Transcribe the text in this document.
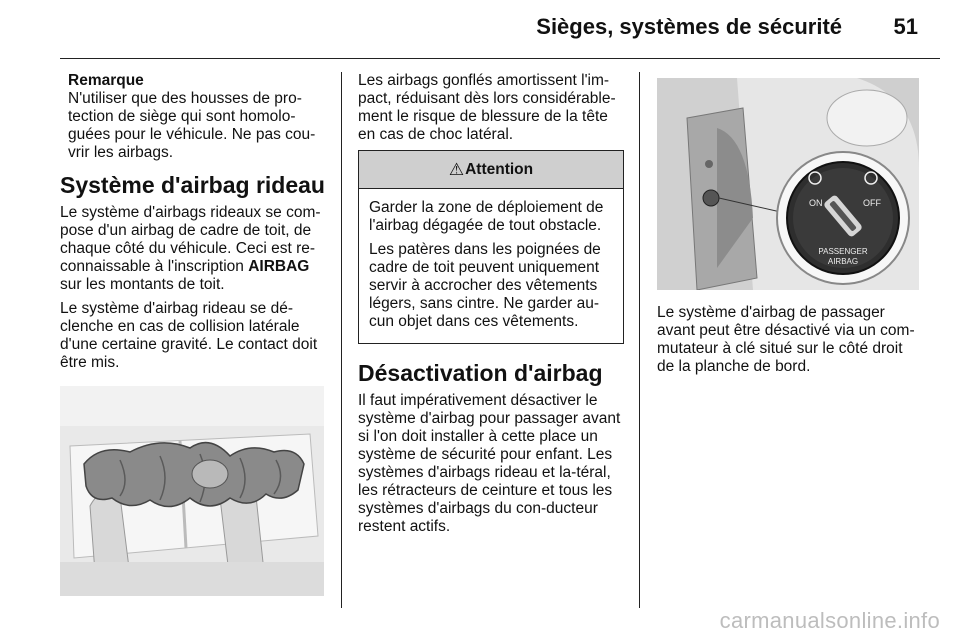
Sièges, systèmes de sécurité 51
Remarque
N'utiliser que des housses de pro-tection de siège qui sont homolo-guées pour le véhicule. Ne pas cou-vrir les airbags.
Système d'airbag rideau

Le système d'airbags rideaux se com-pose d'un airbag de cadre de toit, de chaque côté du véhicule. Ceci est re-connaissable à l'inscription AIRBAG sur les montants de toit.

Le système d'airbag rideau se dé-clenche en cas de collision latérale d'une certaine gravité. Le contact doit être mis.

Les airbags gonflés amortissent l'im-pact, réduisant dès lors considérable-ment le risque de blessure de la tête en cas de choc latéral.

⚠ Attention

Garder la zone de déploiement de l'airbag dégagée de tout obstacle.

Les patères dans les poignées de cadre de toit peuvent uniquement servir à accrocher des vêtements légers, sans cintre. Ne garder au-cun objet dans ces vêtements.

Désactivation d'airbag

Il faut impérativement désactiver le système d'airbag pour passager avant si l'on doit installer à cette place un système de sécurité pour enfant. Les systèmes d'airbags rideau et la-téral, les rétracteurs de ceinture et tous les systèmes d'airbags du con-ducteur restent actifs.

ON	OFF
PASSENGER
AIRBAG

Le système d'airbag de passager avant peut être désactivé via un com-mutateur à clé situé sur le côté droit de la planche de bord.

carmanualsonline.info
